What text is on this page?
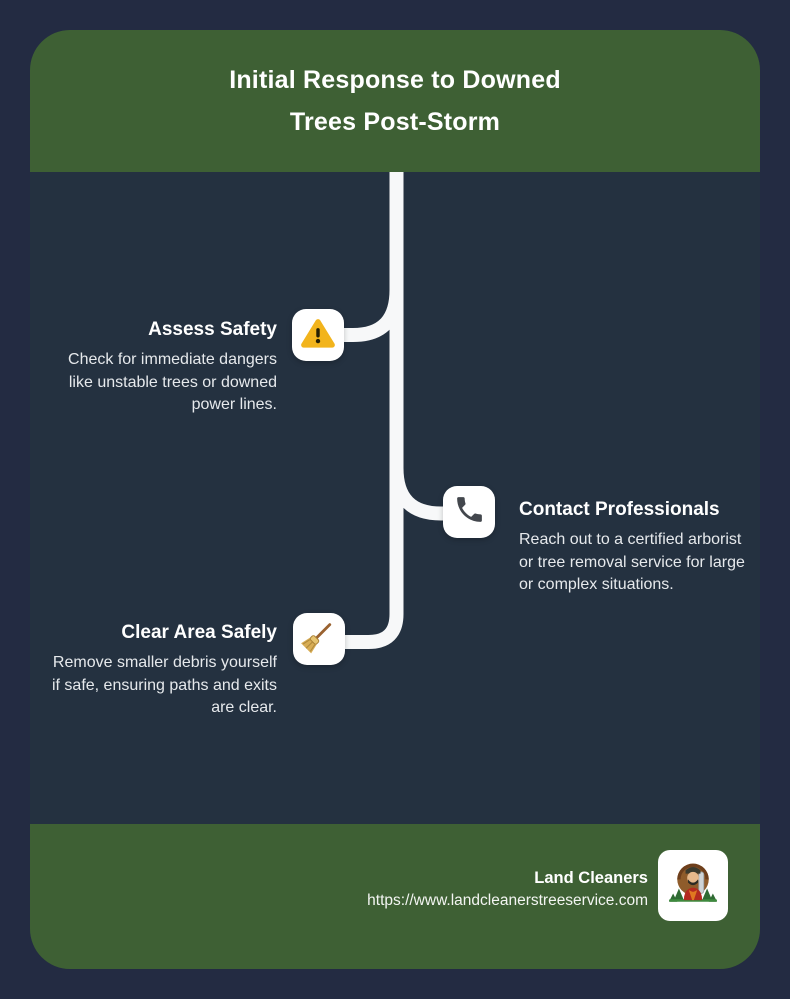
Initial Response to Downed
Trees Post-Storm
Assess Safety
Check for immediate dangers
like unstable trees or downed
power lines.
Contact Professionals
Reach out to a certified arborist
or tree removal service for large
or complex situations.
Clear Area Safely
Remove smaller debris yourself
if safe, ensuring paths and exits
are clear.
Land Cleaners
https://www.landcleanerstreeservice.com
